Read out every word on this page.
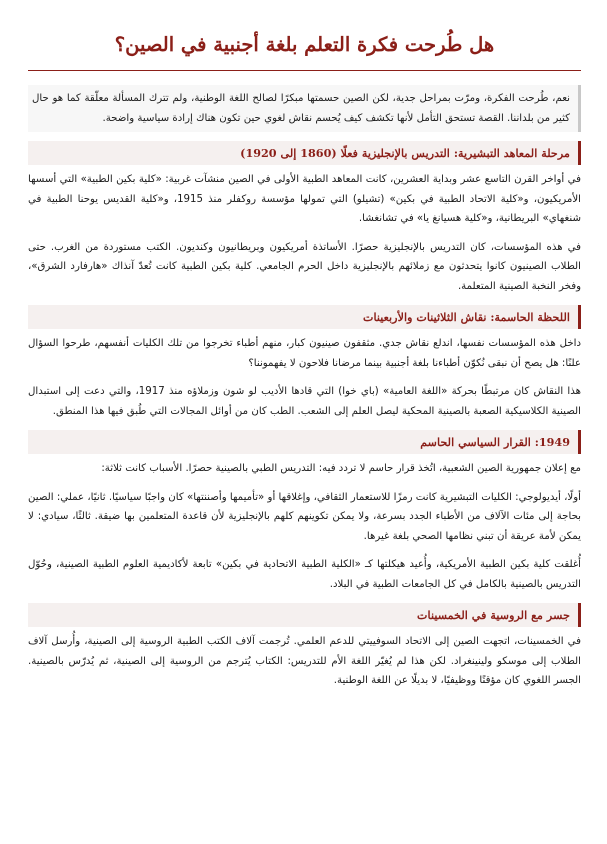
هل طُرحت فكرة التعلم بلغة أجنبية في الصين؟
نعم، طُرحت الفكرة، ومرّت بمراحل جدية، لكن الصين حسمتها مبكرًا لصالح اللغة الوطنية، ولم تترك المسألة معلّقة كما هو حال كثير من بلداننا. القصة تستحق التأمل لأنها تكشف كيف يُحسم نقاش لغوي حين تكون هناك إرادة سياسية واضحة.
مرحلة المعاهد التبشيرية: التدريس بالإنجليزية فعلًا (1860 إلى 1920)

في أواخر القرن التاسع عشر وبداية العشرين، كانت المعاهد الطبية الأولى في الصين منشآت غربية: «كلية بكين الطبية» التي أسسها الأمريكيون، و«كلية الاتحاد الطبية في بكين» (تشيلو) التي تمولها مؤسسة روكفلر منذ 1915، و«كلية القديس يوحنا الطبية في شنغهاي» البريطانية، و«كلية هسيانغ يا» في تشانغشا.

في هذه المؤسسات، كان التدريس بالإنجليزية حصرًا. الأساتذة أمريكيون وبريطانيون وكنديون. الكتب مستوردة من الغرب. حتى الطلاب الصينيون كانوا يتحدثون مع زملائهم بالإنجليزية داخل الحرم الجامعي. كلية بكين الطبية كانت تُعدّ آنذاك «هارفارد الشرق»، وفخر النخبة الصينية المتعلمة.

اللحظة الحاسمة: نقاش الثلاثينات والأربعينات

داخل هذه المؤسسات نفسها، اندلع نقاش جدي. مثقفون صينيون كبار، منهم أطباء تخرجوا من تلك الكليات أنفسهم، طرحوا السؤال علنًا: هل يصح أن نبقى نُكوّن أطباءنا بلغة أجنبية بينما مرضانا فلاحون لا يفهموننا؟

هذا النقاش كان مرتبطًا بحركة «اللغة العامية» (باي خوا) التي قادها الأديب لو شون وزملاؤه منذ 1917، والتي دعت إلى استبدال الصينية الكلاسيكية الصعبة بالصينية المحكية ليصل العلم إلى الشعب. الطب كان من أوائل المجالات التي طُبق فيها هذا المنطق.

1949: القرار السياسي الحاسم

مع إعلان جمهورية الصين الشعبية، اتُخذ قرار حاسم لا تردد فيه: التدريس الطبي بالصينية حصرًا. الأسباب كانت ثلاثة:

أولًا، أيديولوجي: الكليات التبشيرية كانت رمزًا للاستعمار الثقافي، وإغلاقها أو «تأميمها وأصننتها» كان واجبًا سياسيًا. ثانيًا، عملي: الصين بحاجة إلى مئات الآلاف من الأطباء الجدد بسرعة، ولا يمكن تكوينهم كلهم بالإنجليزية لأن قاعدة المتعلمين بها ضيقة. ثالثًا، سيادي: لا يمكن لأمة عريقة أن تبني نظامها الصحي بلغة غيرها.

أُغلقت كلية بكين الطبية الأمريكية، وأُعيد هيكلتها كـ «الكلية الطبية الاتحادية في بكين» تابعة لأكاديمية العلوم الطبية الصينية، وحُوّل التدريس بالصينية بالكامل في كل الجامعات الطبية في البلاد.

جسر مع الروسية في الخمسينات

في الخمسينات، اتجهت الصين إلى الاتحاد السوفييتي للدعم العلمي. تُرجمت آلاف الكتب الطبية الروسية إلى الصينية، وأُرسل آلاف الطلاب إلى موسكو ولينينغراد. لكن هذا لم يُغيّر اللغة الأم للتدريس: الكتاب يُترجم من الروسية إلى الصينية، ثم يُدرّس بالصينية. الجسر اللغوي كان مؤقتًا ووظيفيًا، لا بديلًا عن اللغة الوطنية.
